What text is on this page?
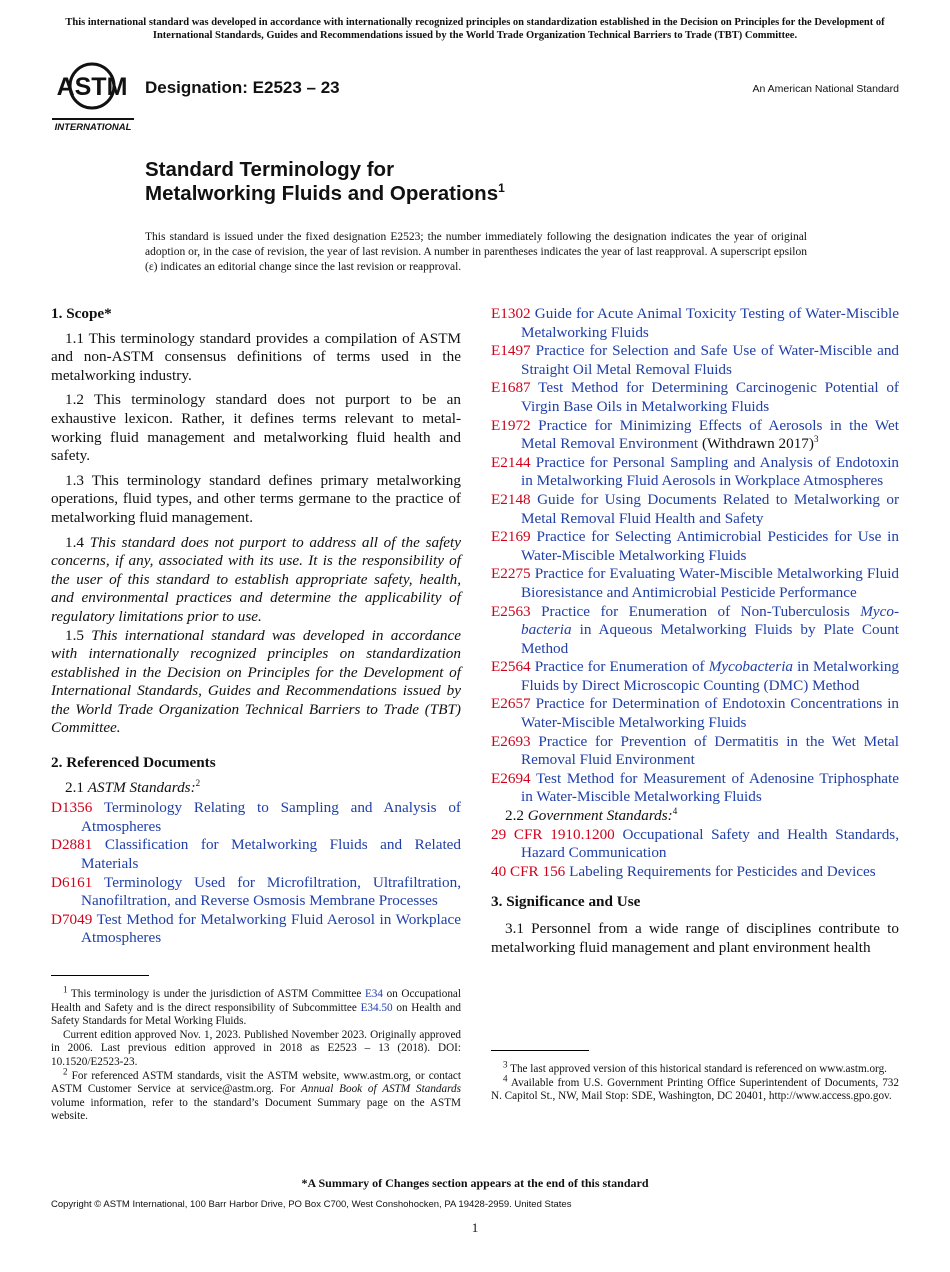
This international standard was developed in accordance with internationally recognized principles on standardization established in the Decision on Principles for the Development of International Standards, Guides and Recommendations issued by the World Trade Organization Technical Barriers to Trade (TBT) Committee.
ASTM
INTERNATIONAL
Designation: E2523 – 23	An American National Standard
Standard Terminology for
Metalworking Fluids and Operations$^1$
This standard is issued under the fixed designation E2523; the number immediately following the designation indicates the year of original adoption or, in the case of revision, the year of last revision. A number in parentheses indicates the year of last reapproval. A superscript epsilon (ε) indicates an editorial change since the last revision or reapproval.
1. Scope*

1.1 This terminology standard provides a compilation of ASTM and non-ASTM consensus definitions of terms used in the metalworking industry.

1.2 This terminology standard does not purport to be an exhaustive lexicon. Rather, it defines terms relevant to metalworking fluid management and metalworking fluid health and safety.

1.3 This terminology standard defines primary metalworking operations, fluid types, and other terms germane to the practice of metalworking fluid management.

1.4 This standard does not purport to address all of the safety concerns, if any, associated with its use. It is the responsibility of the user of this standard to establish appropriate safety, health, and environmental practices and determine the applicability of regulatory limitations prior to use.

1.5 This international standard was developed in accordance with internationally recognized principles on standardization established in the Decision on Principles for the Development of International Standards, Guides and Recommendations issued by the World Trade Organization Technical Barriers to Trade (TBT) Committee.

2. Referenced Documents
2.1 ASTM Standards:$^2$

D1356 Terminology Relating to Sampling and Analysis of Atmospheres

D2881 Classification for Metalworking Fluids and Related Materials

D6161 Terminology Used for Microfiltration, Ultrafiltration, Nanofiltration, and Reverse Osmosis Membrane Processes

D7049 Test Method for Metalworking Fluid Aerosol in Workplace Atmospheres

$^1$ This terminology is under the jurisdiction of ASTM Committee E34 on Occupational Health and Safety and is the direct responsibility of Subcommittee E34.50 on Health and Safety Standards for Metal Working Fluids.

Current edition approved Nov. 1, 2023. Published November 2023. Originally approved in 2006. Last previous edition approved in 2018 as E2523 – 13 (2018). DOI: 10.1520/E2523-23.

$^2$ For referenced ASTM standards, visit the ASTM website, www.astm.org, or contact ASTM Customer Service at service@astm.org. For Annual Book of ASTM Standards volume information, refer to the standard’s Document Summary page on the ASTM website.

E1302 Guide for Acute Animal Toxicity Testing of Water-Miscible Metalworking Fluids

E1497 Practice for Selection and Safe Use of Water-Miscible and Straight Oil Metal Removal Fluids

E1687 Test Method for Determining Carcinogenic Potential of Virgin Base Oils in Metalworking Fluids

E1972 Practice for Minimizing Effects of Aerosols in the Wet Metal Removal Environment (Withdrawn 2017)$^3$

E2144 Practice for Personal Sampling and Analysis of Endotoxin in Metalworking Fluid Aerosols in Workplace Atmospheres

E2148 Guide for Using Documents Related to Metalworking or Metal Removal Fluid Health and Safety

E2169 Practice for Selecting Antimicrobial Pesticides for Use in Water-Miscible Metalworking Fluids

E2275 Practice for Evaluating Water-Miscible Metalworking Fluid Bioresistance and Antimicrobial Pesticide Performance

E2563 Practice for Enumeration of Non-Tuberculosis Mycobacteria in Aqueous Metalworking Fluids by Plate Count Method

E2564 Practice for Enumeration of Mycobacteria in Metalworking Fluids by Direct Microscopic Counting (DMC) Method

E2657 Practice for Determination of Endotoxin Concentrations in Water-Miscible Metalworking Fluids

E2693 Practice for Prevention of Dermatitis in the Wet Metal Removal Fluid Environment

E2694 Test Method for Measurement of Adenosine Triphosphate in Water-Miscible Metalworking Fluids

2.2 Government Standards:$^4$

29 CFR 1910.1200 Occupational Safety and Health Standards, Hazard Communication

40 CFR 156 Labeling Requirements for Pesticides and Devices

3. Significance and Use

3.1 Personnel from a wide range of disciplines contribute to metalworking fluid management and plant environment health

$^3$ The last approved version of this historical standard is referenced on www.astm.org.

$^4$ Available from U.S. Government Printing Office Superintendent of Documents, 732 N. Capitol St., NW, Mail Stop: SDE, Washington, DC 20401, http://www.access.gpo.gov.

*A Summary of Changes section appears at the end of this standard
Copyright © ASTM International, 100 Barr Harbor Drive, PO Box C700, West Conshohocken, PA 19428-2959. United States
1
